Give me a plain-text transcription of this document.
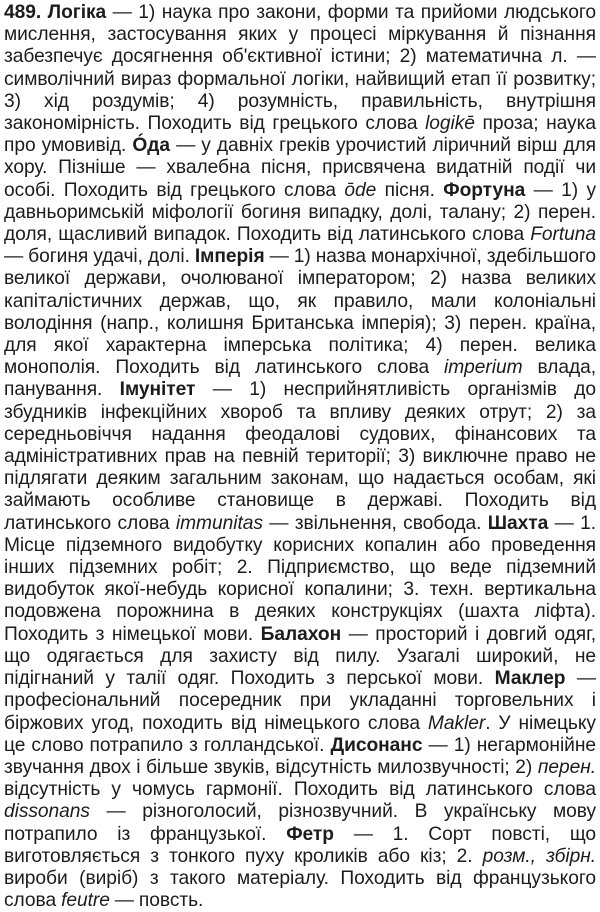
489. Логіка — 1) наука про закони, форми та прийоми людського мислення, застосування яких у процесі міркування й пізнання забезпечує досягнення об'єктивної істини; 2) математична л. — символічний вираз формальної логіки, найвищий етап її розвитку; 3) хід роздумів; 4) розумність, правильність, внутрішня закономірність. Походить від грецького слова logikē проза; наука про умовивід. Óда — у давніх греків урочистий ліричний вірш для хору. Пізніше — хвалебна пісня, присвячена видатній події чи особі. Походить від грецького слова ōde пісня. Фортуна — 1) у давньоримській міфології богиня випадку, долі, талану; 2) перен. доля, щасливий випадок. Походить від латинського слова Fortuna— богиня удачі, долі. Імперія — 1) назва монархічної, здебільшого великої держави, очолюваної імператором; 2) назва великих капіталістичних держав, що, як правило, мали колоніальні володіння (напр., колишня Британська імперія); 3) перен. країна, для якої характерна імперська політика; 4) перен. велика монополія. Походить від латинського слова imperium влада, панування. Імунітет — 1) несприйнятливість організмів до збудників інфекційних хвороб та впливу деяких отрут; 2) за середньовіччя надання феодалові судових, фінансових та адміністративних прав на певній території; 3) виключне право не підлягати деяким загальним законам, що надається особам, які займають особливе становище в державі. Походить від латинського слова immunitas — звільнення, свобода. Шахта — 1. Місце підземного видобутку корисних копалин або проведення інших підземних робіт; 2. Підприємство, що веде підземний видобуток якої-небудь корисної копалини; 3. техн. вертикальна подовжена порожнина в деяких конструкціях (шахта ліфта). Походить з німецької мови. Балахон — просторий і довгий одяг, що одягається для захисту від пилу. Узагалі широкий, не підігнаний у талії одяг. Походить з перської мови. Маклер — професіональний посередник при укладанні торговельних і біржових угод, походить від німецького слова Makler. У німецьку це слово потрапило з голландської. Дисонанс — 1) негармонійне звучання двох і більше звуків, відсутність милозвучності; 2) перен. відсутність у чомусь гармонії. Походить від латинського слова dissonans — різноголосий, різнозвучний. В українську мову потрапило із французької. Фетр — 1. Сорт повсті, що виготовляється з тонкого пуху кроликів або кіз; 2. розм., збірн. вироби (виріб) з такого матеріалу. Походить від французького слова feutre — повсть.
